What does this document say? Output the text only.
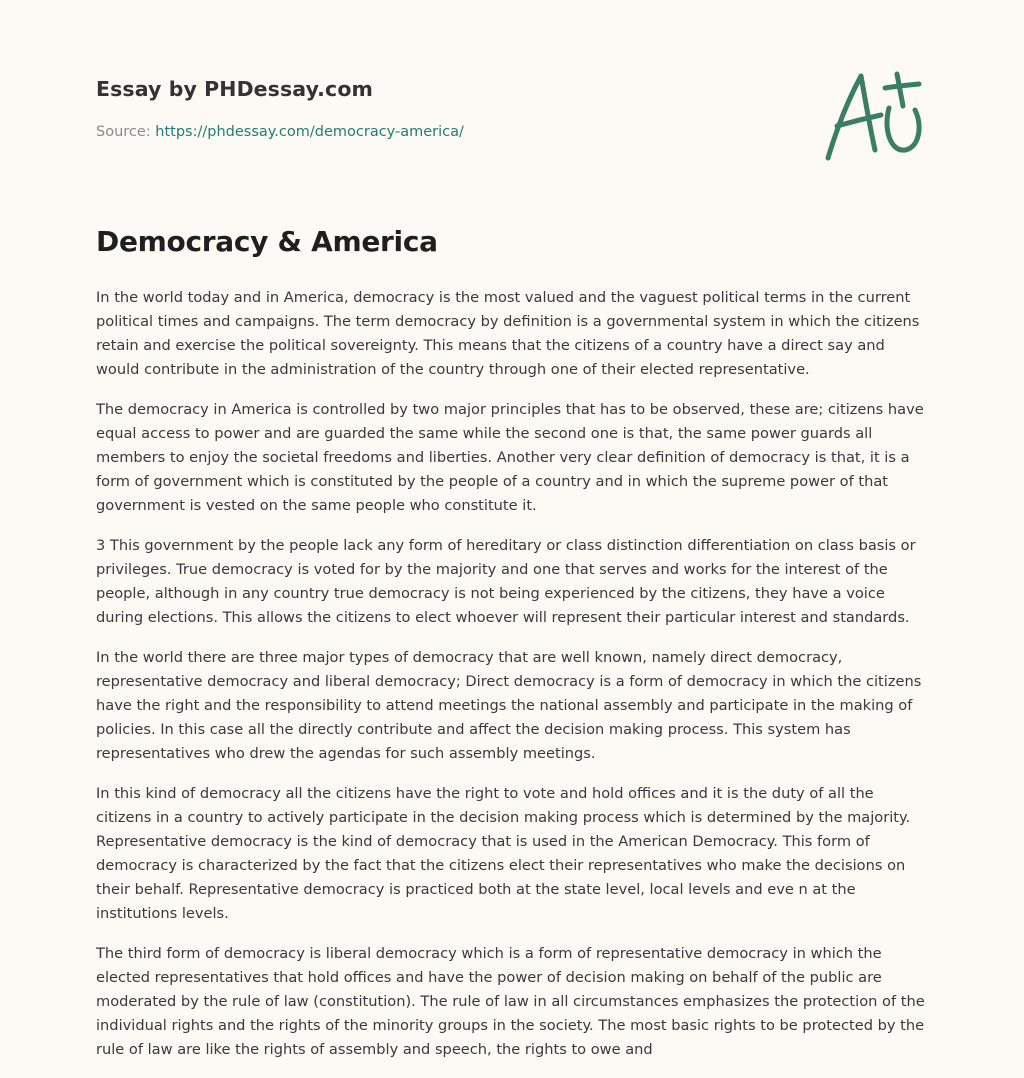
Essay by PHDessay.com
Source: https://phdessay.com/democracy-america/
Democracy & America

In the world today and in America, democracy is the most valued and the vaguest political terms in the current political times and campaigns. The term democracy by definition is a governmental system in which the citizens retain and exercise the political sovereignty. This means that the citizens of a country have a direct say and would contribute in the administration of the country through one of their elected representative.

The democracy in America is controlled by two major principles that has to be observed, these are; citizens have equal access to power and are guarded the same while the second one is that, the same power guards all members to enjoy the societal freedoms and liberties. Another very clear definition of democracy is that, it is a form of government which is constituted by the people of a country and in which the supreme power of that government is vested on the same people who constitute it.

3 This government by the people lack any form of hereditary or class distinction differentiation on class basis or privileges. True democracy is voted for by the majority and one that serves and works for the interest of the people, although in any country true democracy is not being experienced by the citizens, they have a voice during elections. This allows the citizens to elect whoever will represent their particular interest and standards.

In the world there are three major types of democracy that are well known, namely direct democracy, representative democracy and liberal democracy; Direct democracy is a form of democracy in which the citizens have the right and the responsibility to attend meetings the national assembly and participate in the making of policies. In this case all the directly contribute and affect the decision making process. This system has representatives who drew the agendas for such assembly meetings.

In this kind of democracy all the citizens have the right to vote and hold offices and it is the duty of all the citizens in a country to actively participate in the decision making process which is determined by the majority. Representative democracy is the kind of democracy that is used in the American Democracy. This form of democracy is characterized by the fact that the citizens elect their representatives who make the decisions on their behalf. Representative democracy is practiced both at the state level, local levels and eve n at the institutions levels.

The third form of democracy is liberal democracy which is a form of representative democracy in which the elected representatives that hold offices and have the power of decision making on behalf of the public are moderated by the rule of law (constitution). The rule of law in all circumstances emphasizes the protection of the individual rights and the rights of the minority groups in the society. The most basic rights to be protected by the rule of law are like the rights of assembly and speech, the rights to owe and
